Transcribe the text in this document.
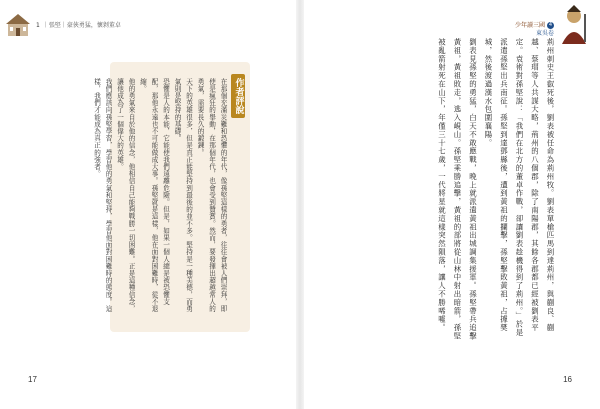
1 ｜張堅｜豪俠勇猛，懷剝董卓	少年讀三國 4
東吳卷
作者評說
在那個充滿災難和恐懼的年代，像孫堅這樣的勇者，往往會被人們崇拜，即使是瘋狂的舉動，在那個年代，也會受到贊賞。然而，要發揮出超越常人的勇氣，需要長久的鍛鍊。
天下的英雄很多，但是真正能堅持到最後的並不多。堅持是一種美德，而勇氣則是堅持的基礎。
恐懼是人的本能，它能使我們遠離危險。但是，如果一個人總是被恐懼支配，那他永遠也不可能做成大事。孫堅就是這樣，他在面對困難時，從不退縮。
他的勇氣來自於他的信念，他相信自己能夠戰勝一切困難。正是這種信念，讓他成為了一個偉大的英雄。
我們應該向孫堅學習，學習他的勇氣和堅持，學習他面對困難時的態度。這樣，我們才能成為真正的強者。	荊州刺史王叡死後，劉表被任命為荊州牧。劉表單槍匹馬到達荊州，與蒯良、蒯越、蔡瑁等人共謀大略，荊州的八個郡，除了南陽郡，其餘各郡都已經被劉表平定。袁術對孫堅說：「我們在北方的董卓作戰，卻讓劉表趁機得到了荊州。」於是派遣孫堅出兵南征。孫堅到達鄧縣後，遭到黃祖的攔擊，孫堅擊敗黃祖，占據樊城，然後渡過漢水包圍襄陽。
劉表見孫堅的勇猛，白天不敢應戰，晚上就派遣黃祖出城調集援軍。孫堅帶兵追擊黃祖，黃祖敗走，逃入峴山。孫堅乘勝追擊，黃祖的部將從山林中射出暗箭，孫堅被亂箭射死在山下，年僅三十七歲，一代將星就這樣突然隕落，讓人不勝唏噓。
17	16
